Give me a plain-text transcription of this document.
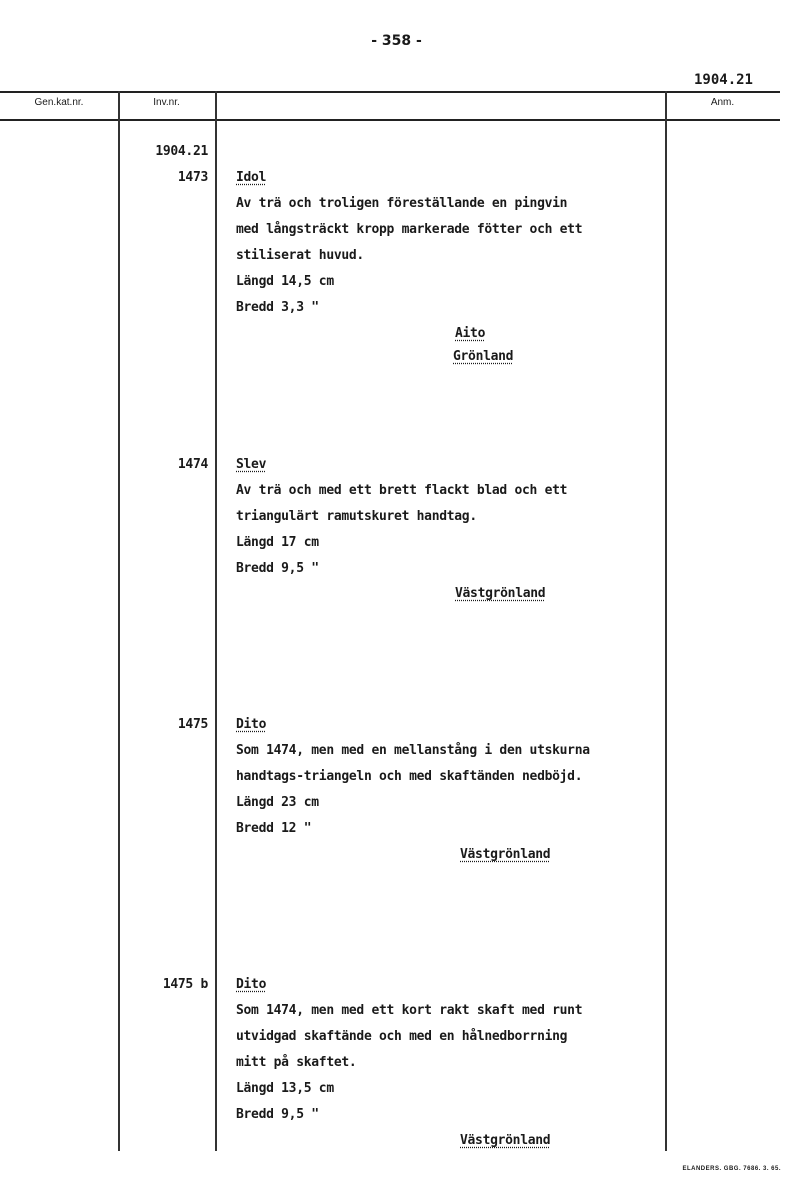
- 358 -
1904.21
Gen.kat.nr.	Inv.nr.	Anm.
1904.21
1473 Idol
Av trä och troligen föreställande en pingvin
med långsträckt kropp markerade fötter och ett
stiliserat huvud.
Längd 14,5 cm
Bredd 3,3 "
Aito
Grönland
1474 Slev
Av trä och med ett brett flackt blad och ett
triangulärt ramutskuret handtag.
Längd 17 cm
Bredd 9,5 "
Västgrönland
1475 Dito
Som 1474, men med en mellanstång i den utskurna
handtags-triangeln och med skaftänden nedböjd.
Längd 23 cm
Bredd 12 "
Västgrönland
1475 b Dito
Som 1474, men med ett kort rakt skaft med runt
utvidgad skaftände och med en hålnedborrning
mitt på skaftet.
Längd 13,5 cm
Bredd 9,5 "
Västgrönland
ELANDERS. GBG. 7686. 3. 65.
